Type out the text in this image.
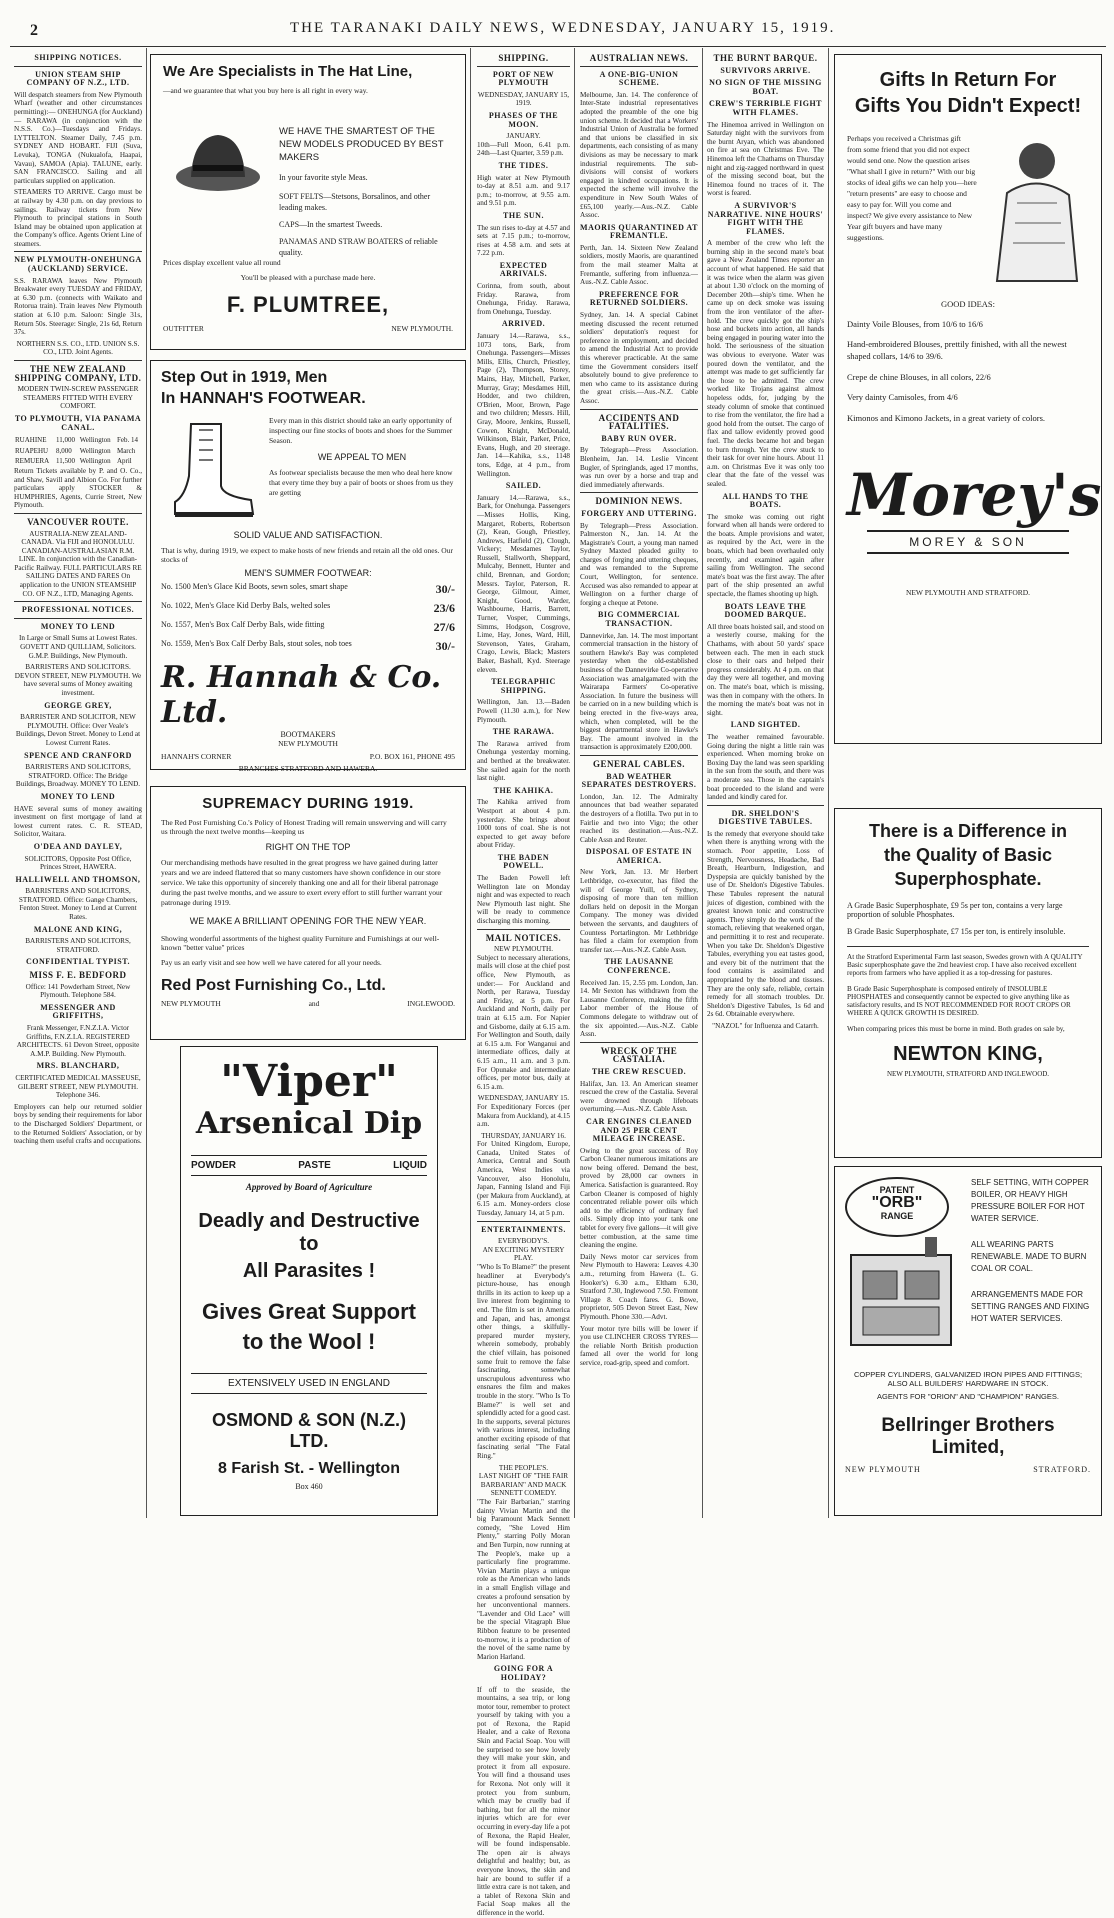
2	THE TARANAKI DAILY NEWS, WEDNESDAY, JANUARY 15, 1919.
SHIPPING NOTICES.
UNION STEAM SHIP COMPANY OF N.Z., LTD.

Will despatch steamers from New Plymouth Wharf (weather and other circumstances permitting):— ONEHUNGA (for Auckland)— RARAWA (in conjunction with the N.S.S. Co.)—Tuesdays and Fridays. LYTTELTON. Steamer Daily, 7.45 p.m. SYDNEY AND HOBART. FIJI (Suva, Levuka), TONGA (Nukualofa, Haapai, Vavau), SAMOA (Apia). TALUNE, early. SAN FRANCISCO. Sailing and all particulars supplied on application.

STEAMERS TO ARRIVE. Cargo must be at railway by 4.30 p.m. on day previous to sailings. Railway tickets from New Plymouth to principal stations in South Island may be obtained upon application at the Company's office. Agents Orient Line of steamers.

NEW PLYMOUTH-ONEHUNGA (AUCKLAND) SERVICE.

S.S. RARAWA leaves New Plymouth Breakwater every TUESDAY and FRIDAY, at 6.30 p.m. (connects with Waikato and Rotorua train). Train leaves New Plymouth station at 6.10 p.m. Saloon: Single 31s, Return 50s. Steerage: Single, 21s 6d, Return 37s.

NORTHERN S.S. CO., LTD. UNION S.S. CO., LTD. Joint Agents.

THE NEW ZEALAND SHIPPING COMPANY, LTD.

MODERN TWIN-SCREW PASSENGER STEAMERS FITTED WITH EVERY COMFORT.

TO PLYMOUTH, VIA PANAMA CANAL.
RUAHINE	11,000	Wellington	Feb. 14
RUAPEHU	8,000	Wellington	March
REMUERA	11,500	Wellington	April

Return Tickets available by P. and O. Co., and Shaw, Savill and Albion Co. For further particulars apply STOCKER & HUMPHRIES, Agents, Currie Street, New Plymouth.

VANCOUVER ROUTE.

AUSTRALIA-NEW ZEALAND-CANADA. Via FIJI and HONOLULU. CANADIAN-AUSTRALASIAN R.M. LINE. In conjunction with the Canadian-Pacific Railway. FULL PARTICULARS RE SAILING DATES AND FARES On application to the UNION STEAMSHIP CO. OF N.Z., LTD, Managing Agents.

PROFESSIONAL NOTICES.
MONEY TO LEND

In Large or Small Sums at Lowest Rates. GOVETT AND QUILLIAM, Solicitors. G.M.P. Buildings, New Plymouth.

BARRISTERS AND SOLICITORS. DEVON STREET, NEW PLYMOUTH. We have several sums of Money awaiting investment.

GEORGE GREY,

BARRISTER AND SOLICITOR, NEW PLYMOUTH. Office: Over Veale's Buildings, Devon Street. Money to Lend at Lowest Current Rates.

SPENCE AND CRANFORD

BARRISTERS AND SOLICITORS, STRATFORD. Office: The Bridge Buildings, Broadway. MONEY TO LEND.

MONEY TO LEND

HAVE several sums of money awaiting investment on first mortgage of land at lowest current rates. C. R. STEAD, Solicitor, Waitara.

O'DEA AND DAYLEY,

SOLICITORS, Opposite Post Office, Princes Street, HAWERA.

HALLIWELL AND THOMSON,

BARRISTERS AND SOLICITORS, STRATFORD. Office: Gange Chambers, Fenton Street. Money to Lend at Current Rates.

MALONE AND KING,

BARRISTERS AND SOLICITORS, STRATFORD.

CONFIDENTIAL TYPIST.
MISS F. E. BEDFORD

Office: 141 Powderham Street, New Plymouth. Telephone 584.

MESSENGER AND GRIFFITHS,

Frank Messenger, F.N.Z.I.A. Victor Griffiths, F.N.Z.I.A. REGISTERED ARCHITECTS. 61 Devon Street, opposite A.M.P. Building. New Plymouth.

MRS. BLANCHARD,

CERTIFICATED MEDICAL MASSEUSE, GILBERT STREET, NEW PLYMOUTH. Telephone 346.

Employers can help our returned soldier boys by sending their requirements for labor to the Discharged Soldiers' Department, or to the Returned Soldiers' Association, or by teaching them useful crafts and occupations.

We Are Specialists in The Hat Line,
—and we guarantee that what you buy here is all right in every way.
WE HAVE THE SMARTEST OF THE NEW MODELS PRODUCED BY BEST MAKERS
In your favorite style Meas.
SOFT FELTS—Stetsons, Borsalinos, and other leading makes.
CAPS—In the smartest Tweeds.
PANAMAS AND STRAW BOATERS of reliable quality.
Prices display excellent value all round
You'll be pleased with a purchase made here.
F. PLUMTREE,
OUTFITTER	NEW PLYMOUTH.
Step Out in 1919, Men
In HANNAH'S FOOTWEAR.
Every man in this district should take an early opportunity of inspecting our fine stocks of boots and shoes for the Summer Season.
WE APPEAL TO MEN
As footwear specialists because the men who deal here know that every time they buy a pair of boots or shoes from us they are getting
SOLID VALUE AND SATISFACTION.
That is why, during 1919, we expect to make hosts of new friends and retain all the old ones. Our stocks of
MEN'S SUMMER FOOTWEAR:
No. 1500 Men's Glace Kid Boots, sewn soles, smart shape	30/-
No. 1022, Men's Glace Kid Derby Bals, welted soles	23/6
No. 1557, Men's Box Calf Derby Bals, wide fitting	27/6
No. 1559, Men's Box Calf Derby Bals, stout soles, nob toes	30/-
R. Hannah & Co. Ltd.
BOOTMAKERS
NEW PLYMOUTH
HANNAH'S CORNER	P.O. BOX 161, PHONE 495
BRANCHES STRATFORD AND HAWERA.
SUPREMACY DURING 1919.
The Red Post Furnishing Co.'s Policy of Honest Trading will remain unswerving and will carry us through the next twelve months—keeping us
RIGHT ON THE TOP
Our merchandising methods have resulted in the great progress we have gained during latter years and we are indeed flattered that so many customers have shown confidence in our store service. We take this opportunity of sincerely thanking one and all for their liberal patronage during the past twelve months, and we assure to exert every effort to still further warrant your patronage during 1919.
WE MAKE A BRILLIANT OPENING FOR THE NEW YEAR.
Showing wonderful assortments of the highest quality Furniture and Furnishings at our well-known "better value" prices
Pay us an early visit and see how well we have catered for all your needs.
Red Post Furnishing Co., Ltd.
NEW PLYMOUTH	and	INGLEWOOD.
"Viper"
Arsenical Dip
POWDER	PASTE	LIQUID
Approved by Board of Agriculture
Deadly and Destructive to
All Parasites !
Gives Great Support
to the Wool !
EXTENSIVELY USED IN ENGLAND
OSMOND & SON (N.Z.) LTD.
8 Farish St. - Wellington
Box 460
SHIPPING.
PORT OF NEW PLYMOUTH
WEDNESDAY, JANUARY 15, 1919.
PHASES OF THE MOON.
JANUARY.

10th—Full Moon, 6.41 p.m. 24th—Last Quarter, 3.59 p.m.

THE TIDES.

High water at New Plymouth to-day at 8.51 a.m. and 9.17 p.m.; to-morrow, at 9.55 a.m. and 9.51 p.m.

THE SUN.

The sun rises to-day at 4.57 and sets at 7.15 p.m.; to-morrow, rises at 4.58 a.m. and sets at 7.22 p.m.

EXPECTED ARRIVALS.

Corinna, from south, about Friday. Rarawa, from Onehunga, Friday. Rarawa, from Onehunga, Tuesday.

ARRIVED.

January 14.—Rarawa, s.s., 1073 tons, Bark, from Onehunga. Passengers—Misses Mills, Ellis, Church, Priestley, Page (2), Thompson, Storey, Mains, Hay, Mitchell, Parker, Murray, Gray; Mesdames Hill, Hodder, and two children, O'Brien, Moor, Brown, Page and two children; Messrs. Hill, Gray, Moore, Jenkins, Russell, Cowen, Knight, McDonald, Wilkinson, Blair, Parker, Price, Evans, Hugh, and 20 steerage. Jan. 14—Kahika, s.s., 1148 tons, Edge, at 4 p.m., from Wellington.

SAILED.

January 14.—Rarawa, s.s., Bark, for Onehunga. Passengers—Misses Hollis, King, Margaret, Roberts, Robertson (2), Kean, Gough, Priestley, Andrews, Hatfield (2), Clough, Vickery; Mesdames Taylor, Russell, Stallworth, Sheppard, Mulcahy, Bennett, Hunter and child, Brennan, and Gordon; Messrs. Taylor, Paterson, R. George, Gilmour, Aimer, Knight, Good, Warder, Washbourne, Harris, Barrett, Turner, Vosper, Cummings, Simms, Hodgson, Cosgrove, Lime, Hay, Jones, Ward, Hill, Stevenson, Yates, Graham, Crago, Lewis, Black; Masters Baker, Bashall, Kyd. Steerage eleven.

TELEGRAPHIC SHIPPING.

Wellington, Jan. 13.—Baden Powell (11.30 a.m.), for New Plymouth.

THE RARAWA.

The Rarawa arrived from Onehunga yesterday morning, and berthed at the breakwater. She sailed again for the north last night.

THE KAHIKA.

The Kahika arrived from Westport at about 4 p.m. yesterday. She brings about 1000 tons of coal. She is not expected to get away before about Friday.

THE BADEN POWELL.

The Baden Powell left Wellington late on Monday night and was expected to reach New Plymouth last night. She will be ready to commence discharging this morning.

MAIL NOTICES.
NEW PLYMOUTH.

Subject to necessary alterations, mails will close at the chief post office, New Plymouth, as under:— For Auckland and North, per Rarawa, Tuesday and Friday, at 5 p.m. For Auckland and North, daily per train at 6.15 a.m. For Napier and Gisborne, daily at 6.15 a.m. For Wellington and South, daily at 6.15 a.m. For Wanganui and intermediate offices, daily at 6.15 a.m., 11 a.m. and 3 p.m. For Opunake and intermediate offices, per motor bus, daily at 6.15 a.m.

WEDNESDAY, JANUARY 15.

For Expeditionary Forces (per Makura from Auckland), at 4.15 a.m.

THURSDAY, JANUARY 16.

For United Kingdom, Europe, Canada, United States of America, Central and South America, West Indies via Vancouver, also Honolulu, Japan, Fanning Island and Fiji (per Makura from Auckland), at 6.15 a.m. Money-orders close Tuesday, January 14, at 5 p.m.

ENTERTAINMENTS.
EVERYBODY'S.
AN EXCITING MYSTERY PLAY.

"Who Is To Blame?" the present headliner at Everybody's picture-house, has enough thrills in its action to keep up a live interest from beginning to end. The film is set in America and Japan, and has, amongst other things, a skilfully-prepared murder mystery, wherein somebody, probably the chief villain, has poisoned some fruit to remove the false fascinating, somewhat unscrupulous adventuress who ensnares the film and makes trouble in the story. "Who Is To Blame?" is well set and splendidly acted for a good cast. In the supports, several pictures with various interest, including another exciting episode of that fascinating serial "The Fatal Ring."

THE PEOPLE'S.
LAST NIGHT OF "THE FAIR BARBARIAN" AND MACK SENNETT COMEDY.

"The Fair Barbarian," starring dainty Vivian Martin and the big Paramount Mack Sennett comedy, "She Loved Him Plenty," starring Polly Moran and Ben Turpin, now running at The People's, make up a particularly fine programme. Vivian Martin plays a unique role as the American who lands in a small English village and creates a profound sensation by her unconventional manners. "Lavender and Old Lace" will be the special Vitagraph Blue Ribbon feature to be presented to-morrow, it is a production of the novel of the same name by Marion Harland.

GOING FOR A HOLIDAY?

If off to the seaside, the mountains, a sea trip, or long motor tour, remember to protect yourself by taking with you a pot of Rexona, the Rapid Healer, and a cake of Rexona Skin and Facial Soap. You will be surprised to see how lovely they will make your skin, and protect it from all exposure. You will find a thousand uses for Rexona. Not only will it protect you from sunburn, which may be cruelly bad if bathing, but for all the minor injuries which are for ever occurring in every-day life a pot of Rexona, the Rapid Healer, will be found indispensable. The open air is always delightful and healthy; but, as everyone knows, the skin and hair are bound to suffer if a little extra care is not taken, and a tablet of Rexona Skin and Facial Soap makes all the difference in the world.

AUSTRALIAN NEWS.
A ONE-BIG-UNION SCHEME.

Melbourne, Jan. 14. The conference of Inter-State industrial representatives adopted the preamble of the one big union scheme. It decided that a Workers' Industrial Union of Australia be formed and that unions be classified in six departments, each consisting of as many divisions as may be necessary to mark industrial requirements. The sub-divisions will consist of workers engaged in kindred occupations. It is expected the scheme will involve the expenditure in New South Wales of £65,100 yearly.—Aus.-N.Z. Cable Assoc.

MAORIS QUARANTINED AT FREMANTLE.

Perth, Jan. 14. Sixteen New Zealand soldiers, mostly Maoris, are quarantined from the mail steamer Malta at Fremantle, suffering from influenza.—Aus.-N.Z. Cable Assoc.

PREFERENCE FOR RETURNED SOLDIERS.

Sydney, Jan. 14. A special Cabinet meeting discussed the recent returned soldiers' deputation's request for preference in employment, and decided to amend the Industrial Act to provide this wherever practicable. At the same time the Government considers itself absolutely bound to give preference to men who came to its assistance during the great crisis.—Aus.-N.Z. Cable Assoc.

ACCIDENTS AND FATALITIES.
BABY RUN OVER.

By Telegraph—Press Association. Blenheim, Jan. 14. Leslie Vincent Bugler, of Springlands, aged 17 months, was run over by a horse and trap and died immediately afterwards.

DOMINION NEWS.
FORGERY AND UTTERING.

By Telegraph—Press Association. Palmerston N., Jan. 14. At the Magistrate's Court, a young man named Sydney Maxted pleaded guilty to charges of forging and uttering cheques, and was remanded to the Supreme Court, Wellington, for sentence. Accused was also remanded to appear at Wellington on a further charge of forging a cheque at Petone.

BIG COMMERCIAL TRANSACTION.

Dannevirke, Jan. 14. The most important commercial transaction in the history of southern Hawke's Bay was completed yesterday when the old-established business of the Dannevirke Co-operative Association was amalgamated with the Wairarapa Farmers' Co-operative Association. In future the business will be carried on in a new building which is being erected in the five-ways area, which, when completed, will be the biggest departmental store in Hawke's Bay. The amount involved in the transaction is approximately £200,000.

GENERAL CABLES.
BAD WEATHER SEPARATES DESTROYERS.

London, Jan. 12. The Admiralty announces that bad weather separated the destroyers of a flotilla. Two put in to Fairlie and two into Vigo; the other reached its destination.—Aus.-N.Z. Cable Assn and Reuter.

DISPOSAL OF ESTATE IN AMERICA.

New York, Jan. 13. Mr Herbert Lethbridge, co-executor, has filed the will of George Yuill, of Sydney, disposing of more than ten million dollars held on deposit in the Morgan Company. The money was divided between the servants, and daughters of Countess Portarlington. Mr Lethbridge has filed a claim for exemption from transfer tax.—Aus.-N.Z. Cable Assn.

THE LAUSANNE CONFERENCE.

Received Jan. 15, 2.55 pm. London, Jan. 14. Mr Sexton has withdrawn from the Lausanne Conference, making the fifth Labor member of the House of Commons delegate to withdraw out of the six appointed.—Aus.-N.Z. Cable Assn.

WRECK OF THE CASTALIA.
THE CREW RESCUED.

Halifax, Jan. 13. An American steamer rescued the crew of the Castalia. Several were drowned through lifeboats overturning.—Aus.-N.Z. Cable Assn.

CAR ENGINES CLEANED AND 25 PER CENT MILEAGE INCREASE.

Owing to the great success of Roy Carbon Cleaner numerous imitations are now being offered. Demand the best, proved by 28,000 car owners in America. Satisfaction is guaranteed. Roy Carbon Cleaner is composed of highly concentrated reliable power oils which add to the efficiency of ordinary fuel oils. Simply drop into your tank one tablet for every five gallons—it will give better combustion, at the same time cleaning the engine.

Daily News motor car services from New Plymouth to Hawera: Leaves 4.30 a.m., returning from Hawera (L. G. Hooker's) 6.30 a.m., Eltham 6.30, Stratford 7.30, Inglewood 7.50. Fremont Village 8. Coach fares. G. Bowe, proprietor, 505 Devon Street East, New Plymouth. Phone 330.—Advt.

Your motor tyre bills will be lower if you use CLINCHER CROSS TYRES—the reliable North British production famed all over the world for long service, road-grip, speed and comfort.

THE BURNT BARQUE.
SURVIVORS ARRIVE.
NO SIGN OF THE MISSING BOAT.
CREW'S TERRIBLE FIGHT WITH FLAMES.

The Hinemoa arrived in Wellington on Saturday night with the survivors from the burnt Aryan, which was abandoned on fire at sea on Christmas Eve. The Hinemoa left the Chathams on Thursday night and zig-zagged northward in quest of the missing second boat, but the Hinemoa found no traces of it. The worst is feared.

A SURVIVOR'S NARRATIVE. NINE HOURS' FIGHT WITH THE FLAMES.

A member of the crew who left the burning ship in the second mate's boat gave a New Zealand Times reporter an account of what happened. He said that it was twice when the alarm was given at about 1.30 o'clock on the morning of December 20th—ship's time. When he came up on deck smoke was issuing from the iron ventilator of the after-hold. The crew quickly got the ship's hose and buckets into action, all hands being engaged in pouring water into the hold. The seriousness of the situation was obvious to everyone. Water was poured down the ventilator, and the attempt was made to get sufficiently far the hose to be admitted. The crew worked like Trojans against almost hopeless odds, for, judging by the steady column of smoke that continued to rise from the ventilator, the fire had a good hold from the outset. The cargo of flax and tallow evidently proved good fuel. The decks became hot and began to burn through. Yet the crew stuck to their task for over nine hours. About 11 a.m. on Christmas Eve it was only too clear that the fate of the vessel was sealed.

ALL HANDS TO THE BOATS.

The smoke was coming out right forward when all hands were ordered to the boats. Ample provisions and water, as required by the Act, were in the boats, which had been overhauled only recently, and examined again after sailing from Wellington. The second mate's boat was the first away. The after part of the ship presented an awful spectacle, the flames shooting up high.

BOATS LEAVE THE DOOMED BARQUE.

All three boats hoisted sail, and stood on a westerly course, making for the Chathams, with about 50 yards' space between each. The men in each stuck close to their oars and helped their progress considerably. At 4 p.m. on that day they were all together, and moving on. The mate's boat, which is missing, was then in company with the others. In the morning the mate's boat was not in sight.

LAND SIGHTED.

The weather remained favourable. Going during the night a little rain was experienced. When morning broke on Boxing Day the land was seen sparkling in the sun from the south, and there was a moderate sea. Those in the captain's boat proceeded to the island and were landed and kindly cared for.

DR. SHELDON'S DIGESTIVE TABULES.

Is the remedy that everyone should take when there is anything wrong with the stomach. Poor appetite, Loss of Strength, Nervousness, Headache, Bad Breath, Heartburn, Indigestion, and Dyspepsia are quickly banished by the use of Dr. Sheldon's Digestive Tabules. These Tabules represent the natural juices of digestion, combined with the greatest known tonic and constructive agents. They simply do the work of the stomach, relieving that weakened organ, and permitting it to rest and recuperate. When you take Dr. Sheldon's Digestive Tabules, everything you eat tastes good, and every bit of the nutriment that the food contains is assimilated and appropriated by the blood and tissues. They are the only safe, reliable, certain remedy for all stomach troubles. Dr. Sheldon's Digestive Tabules, 1s 6d and 2s 6d. Obtainable everywhere.

"NAZOL" for Influenza and Catarrh.

Gifts In Return For
Gifts You Didn't Expect!
Perhaps you received a Christmas gift from some friend that you did not expect would send one. Now the question arises "What shall I give in return?" With our big stocks of ideal gifts we can help you—here "return presents" are easy to choose and easy to pay for. Will you come and inspect? We give every assistance to New Year gift buyers and have many suggestions.
GOOD IDEAS:

Dainty Voile Blouses, from 10/6 to 16/6

Hand-embroidered Blouses, prettily finished, with all the newest shaped collars, 14/6 to 39/6.

Crepe de chine Blouses, in all colors, 22/6

Very dainty Camisoles, from 4/6

Kimonos and Kimono Jackets, in a great variety of colors.

Morey's
MOREY & SON
NEW PLYMOUTH AND STRATFORD.
There is a Difference in
the Quality of Basic
Superphosphate.
A Grade Basic Superphosphate, £9 5s per ton, contains a very large proportion of soluble Phosphates.
B Grade Basic Superphosphate, £7 15s per ton, is entirely insoluble.
At the Stratford Experimental Farm last season, Swedes grown with A QUALITY Basic superphosphate gave the 2nd heaviest crop. I have also received excellent reports from farmers who have applied it as a top-dressing for pastures.
B Grade Basic Superphosphate is composed entirely of INSOLUBLE PHOSPHATES and consequently cannot be expected to give anything like as satisfactory results, and IS NOT RECOMMENDED FOR ROOT CROPS OR WHERE A QUICK GROWTH IS DESIRED.
When comparing prices this must be borne in mind. Both grades on sale by,
NEWTON KING,
NEW PLYMOUTH, STRATFORD AND INGLEWOOD.
PATENT
"ORB"
RANGE
SELF SETTING, WITH COPPER BOILER, OR HEAVY HIGH PRESSURE BOILER FOR HOT WATER SERVICE.
ALL WEARING PARTS RENEWABLE. MADE TO BURN COAL OR COAL.
ARRANGEMENTS MADE FOR SETTING RANGES AND FIXING HOT WATER SERVICES.
COPPER CYLINDERS, GALVANIZED IRON PIPES AND FITTINGS; ALSO ALL BUILDERS' HARDWARE IN STOCK.
AGENTS FOR "ORION" AND "CHAMPION" RANGES.
Bellringer Brothers Limited,
NEW PLYMOUTH	STRATFORD.
